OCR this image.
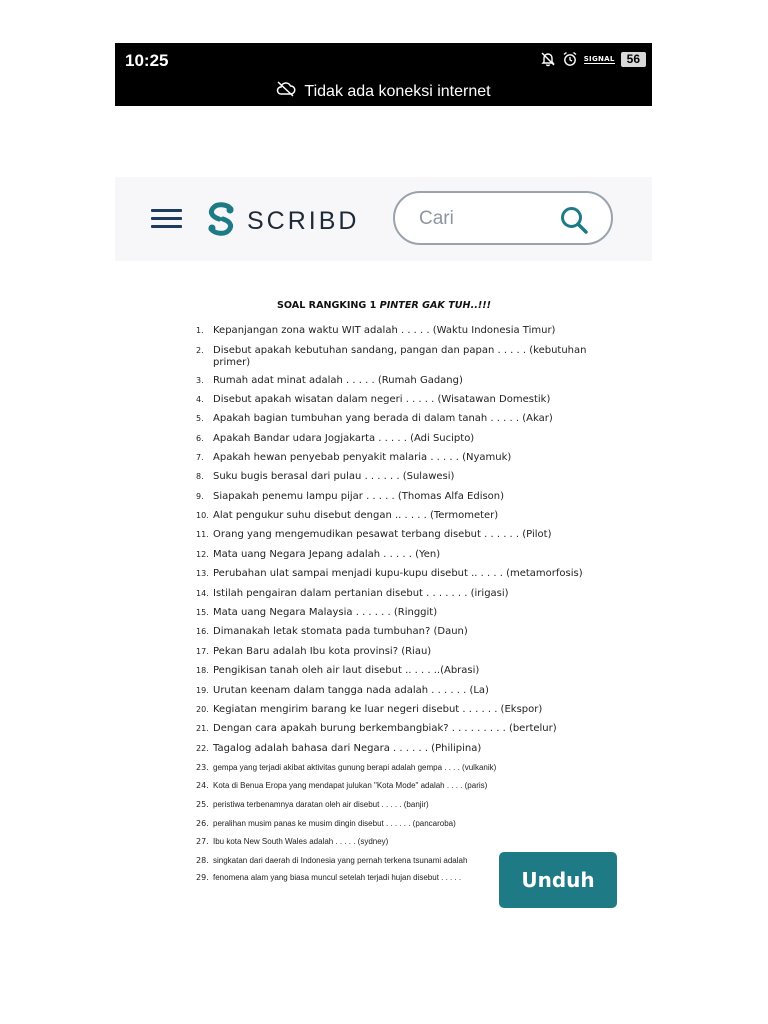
10:25	SIGNAL	56
Tidak ada koneksi internet
SCRIBD
Cari
SOAL RANGKING 1 PINTER GAK TUH..!!!
1. Kepanjangan zona waktu WIT adalah . . . . . (Waktu Indonesia Timur)
2. Disebut apakah kebutuhan sandang, pangan dan papan . . . . . (kebutuhan primer)
3. Rumah adat minat adalah . . . . . (Rumah Gadang)
4. Disebut apakah wisatan dalam negeri . . . . . (Wisatawan Domestik)
5. Apakah bagian tumbuhan yang berada di dalam tanah . . . . . (Akar)
6. Apakah Bandar udara Jogjakarta . . . . . (Adi Sucipto)
7. Apakah hewan penyebab penyakit malaria . . . . . (Nyamuk)
8. Suku bugis berasal dari pulau . . . . . . (Sulawesi)
9. Siapakah penemu lampu pijar . . . . . (Thomas Alfa Edison)
10. Alat pengukur suhu disebut dengan .. . . . . (Termometer)
11. Orang yang mengemudikan pesawat terbang disebut . . . . . . (Pilot)
12. Mata uang Negara Jepang adalah . . . . . (Yen)
13. Perubahan ulat sampai menjadi kupu-kupu disebut .. . . . . (metamorfosis)
14. Istilah pengairan dalam pertanian disebut . . . . . . . (irigasi)
15. Mata uang Negara Malaysia . . . . . . (Ringgit)
16. Dimanakah letak stomata pada tumbuhan? (Daun)
17. Pekan Baru adalah Ibu kota provinsi? (Riau)
18. Pengikisan tanah oleh air laut disebut .. . . . ..(Abrasi)
19. Urutan keenam dalam tangga nada adalah . . . . . . (La)
20. Kegiatan mengirim barang ke luar negeri disebut . . . . . . (Ekspor)
21. Dengan cara apakah burung berkembangbiak? . . . . . . . . . (bertelur)
22. Tagalog adalah bahasa dari Negara . . . . . . (Philipina)
23. gempa yang terjadi akibat aktivitas gunung berapi adalah gempa . . . . (vulkanik)
24. Kota di Benua Eropa yang mendapat julukan "Kota Mode" adalah . . . . (paris)
25. peristiwa terbenamnya daratan oleh air disebut . . . . . (banjir)
26. peralihan musim panas ke musim dingin disebut . . . . . . (pancaroba)
27. Ibu kota New South Wales adalah . . . . . (sydney)
28. singkatan dari daerah di Indonesia yang pernah terkena tsunami adalah
29. fenomena alam yang biasa muncul setelah terjadi hujan disebut . . . . .	Unduh
